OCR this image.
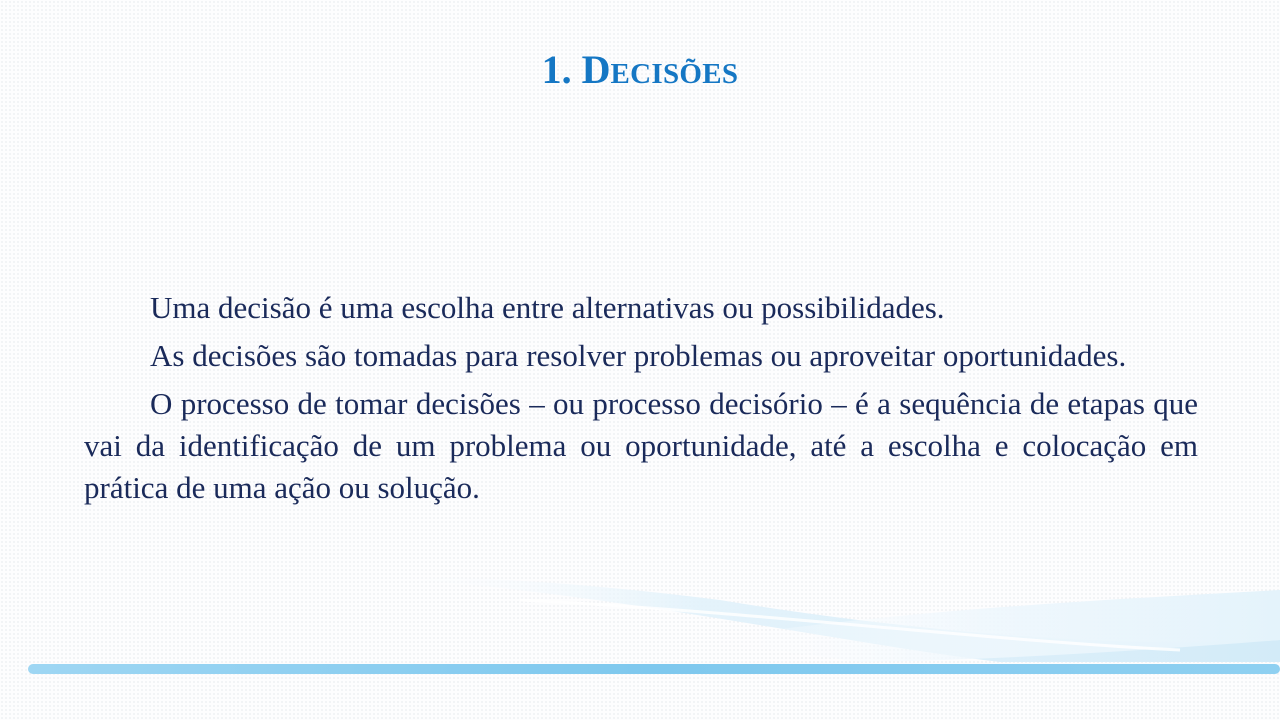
1. DECISÕES

Uma decisão é uma escolha entre alternativas ou possibilidades.

As decisões são tomadas para resolver problemas ou aproveitar oportunidades.

O processo de tomar decisões – ou processo decisório – é a sequência de etapas que vai da identificação de um problema ou oportunidade, até a escolha e colocação em prática de uma ação ou solução.
